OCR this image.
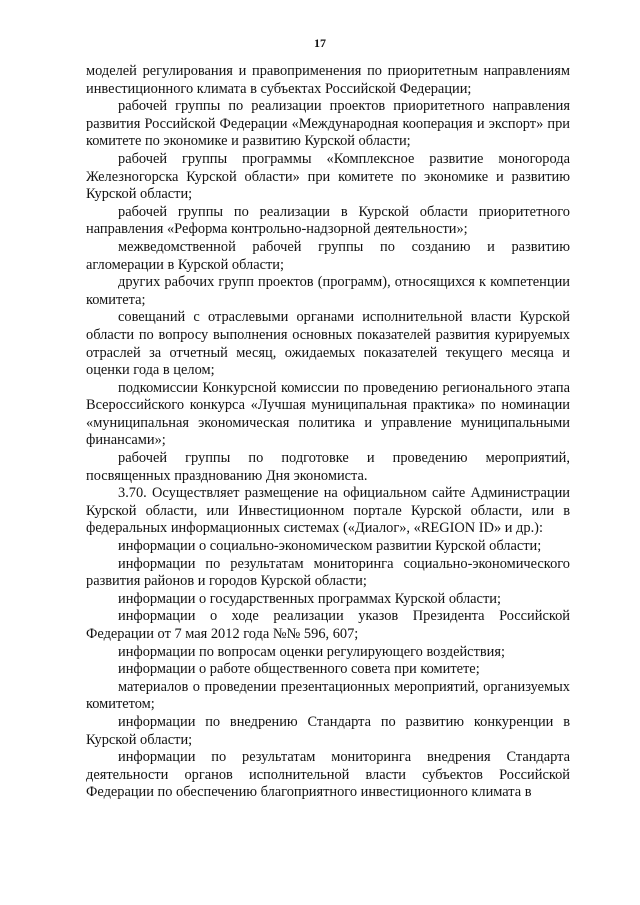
17

моделей регулирования и правоприменения по приоритетным направлениям инвестиционного климата в субъектах Российской Федерации;

рабочей группы по реализации проектов приоритетного направления развития Российской Федерации «Международная кооперация и экспорт» при комитете по экономике и развитию Курской области;

рабочей группы программы «Комплексное развитие моногорода Железногорска Курской области» при комитете по экономике и развитию Курской области;

рабочей группы по реализации в Курской области приоритетного направления «Реформа контрольно-надзорной деятельности»;

межведомственной рабочей группы по созданию и развитию агломерации в Курской области;

других рабочих групп проектов (программ), относящихся к компетенции комитета;

совещаний с отраслевыми органами исполнительной власти Курской области по вопросу выполнения основных показателей развития курируемых отраслей за отчетный месяц, ожидаемых показателей текущего месяца и оценки года в целом;

подкомиссии Конкурсной комиссии по проведению регионального этапа Всероссийского конкурса «Лучшая муниципальная практика» по номинации «муниципальная экономическая политика и управление муниципальными финансами»;

рабочей группы по подготовке и проведению мероприятий, посвященных празднованию Дня экономиста.

3.70. Осуществляет размещение на официальном сайте Администрации Курской области, или Инвестиционном портале Курской области, или в федеральных информационных системах («Диалог», «REGION ID» и др.):

информации о социально-экономическом развитии Курской области;

информации по результатам мониторинга социально-экономического развития районов и городов Курской области;

информации о государственных программах Курской области;

информации о ходе реализации указов Президента Российской Федерации от 7 мая 2012 года №№ 596, 607;

информации по вопросам оценки регулирующего воздействия;

информации о работе общественного совета при комитете;

материалов о проведении презентационных мероприятий, организуемых комитетом;

информации по внедрению Стандарта по развитию конкуренции в Курской области;

информации по результатам мониторинга внедрения Стандарта деятельности органов исполнительной власти субъектов Российской Федерации по обеспечению благоприятного инвестиционного климата в
